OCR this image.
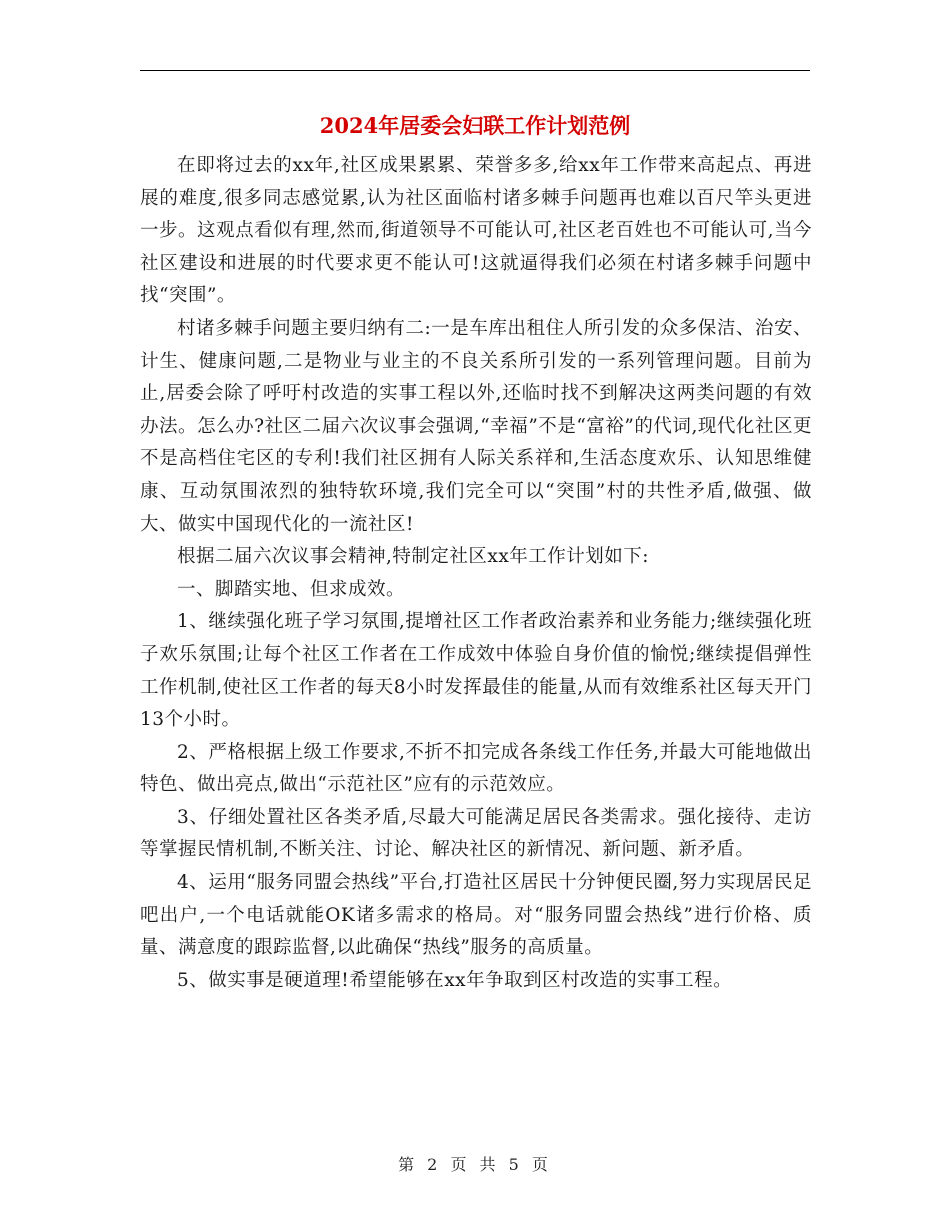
2024年居委会妇联工作计划范例

在即将过去的xx年,社区成果累累、荣誉多多,给xx年工作带来高起点、再进展的难度,很多同志感觉累,认为社区面临村诸多棘手问题再也难以百尺竿头更进一步。这观点看似有理,然而,街道领导不可能认可,社区老百姓也不可能认可,当今社区建设和进展的时代要求更不能认可!这就逼得我们必须在村诸多棘手问题中找“突围”。

村诸多棘手问题主要归纳有二:一是车库出租住人所引发的众多保洁、治安、计生、健康问题,二是物业与业主的不良关系所引发的一系列管理问题。目前为止,居委会除了呼吁村改造的实事工程以外,还临时找不到解决这两类问题的有效办法。怎么办?社区二届六次议事会强调,“幸福”不是“富裕”的代词,现代化社区更不是高档住宅区的专利!我们社区拥有人际关系祥和,生活态度欢乐、认知思维健康、互动氛围浓烈的独特软环境,我们完全可以“突围”村的共性矛盾,做强、做大、做实中国现代化的一流社区!

根据二届六次议事会精神,特制定社区xx年工作计划如下:

一、脚踏实地、但求成效。

1、继续强化班子学习氛围,提增社区工作者政治素养和业务能力;继续强化班子欢乐氛围;让每个社区工作者在工作成效中体验自身价值的愉悦;继续提倡弹性工作机制,使社区工作者的每天8小时发挥最佳的能量,从而有效维系社区每天开门13个小时。

2、严格根据上级工作要求,不折不扣完成各条线工作任务,并最大可能地做出特色、做出亮点,做出“示范社区”应有的示范效应。

3、仔细处置社区各类矛盾,尽最大可能满足居民各类需求。强化接待、走访等掌握民情机制,不断关注、讨论、解决社区的新情况、新问题、新矛盾。

4、运用“服务同盟会热线”平台,打造社区居民十分钟便民圈,努力实现居民足吧出户,一个电话就能OK诸多需求的格局。对“服务同盟会热线”进行价格、质量、满意度的跟踪监督,以此确保“热线”服务的高质量。

5、做实事是硬道理!希望能够在xx年争取到区村改造的实事工程。

第 2 页 共 5 页
